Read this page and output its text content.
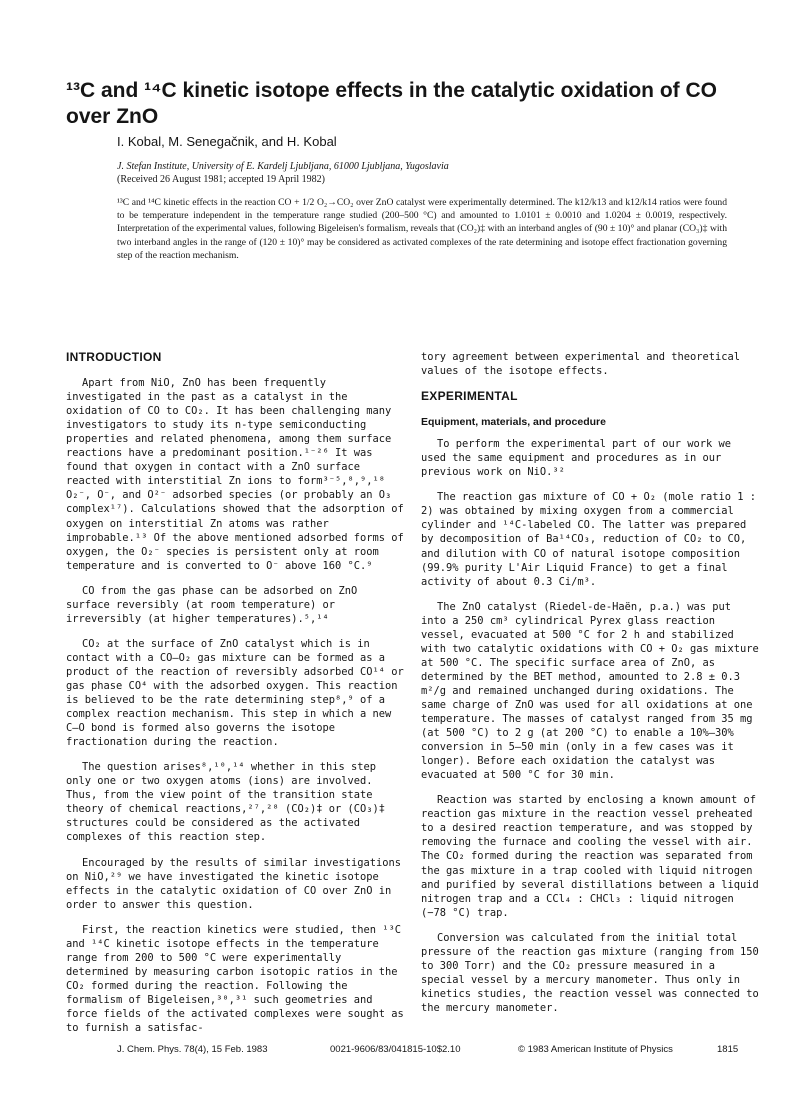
¹³C and ¹⁴C kinetic isotope effects in the catalytic oxidation of CO over ZnO

I. Kobal, M. Senegačnik, and H. Kobal

J. Stefan Institute, University of E. Kardelj Ljubljana, 61000 Ljubljana, Yugoslavia

(Received 26 August 1981; accepted 19 April 1982)

¹³C and ¹⁴C kinetic effects in the reaction CO + 1/2 O₂→CO₂ over ZnO catalyst were experimentally determined. The k12/k13 and k12/k14 ratios were found to be temperature independent in the temperature range studied (200–500 °C) and amounted to 1.0101 ± 0.0010 and 1.0204 ± 0.0019, respectively. Interpretation of the experimental values, following Bigeleisen's formalism, reveals that (CO₂)‡ with an interband angles of (90 ± 10)° and planar (CO₃)‡ with two interband angles in the range of (120 ± 10)° may be considered as activated complexes of the rate determining and isotope effect fractionation governing step of the reaction mechanism.

INTRODUCTION

Apart from NiO, ZnO has been frequently investigated in the past as a catalyst in the oxidation of CO to CO₂. It has been challenging many investigators to study its n-type semiconducting properties and related phenomena, among them surface reactions have a predominant position.¹⁻²⁶ It was found that oxygen in contact with a ZnO surface reacted with interstitial Zn ions to form³⁻⁵,⁸,⁹,¹⁸ O₂⁻, O⁻, and O²⁻ adsorbed species (or probably an O₃ complex¹⁷). Calculations showed that the adsorption of oxygen on interstitial Zn atoms was rather improbable.¹³ Of the above mentioned adsorbed forms of oxygen, the O₂⁻ species is persistent only at room temperature and is converted to O⁻ above 160 °C.⁹

CO from the gas phase can be adsorbed on ZnO surface reversibly (at room temperature) or irreversibly (at higher temperatures).⁵,¹⁴

CO₂ at the surface of ZnO catalyst which is in contact with a CO–O₂ gas mixture can be formed as a product of the reaction of reversibly adsorbed CO¹⁴ or gas phase CO⁴ with the adsorbed oxygen. This reaction is believed to be the rate determining step⁸,⁹ of a complex reaction mechanism. This step in which a new C–O bond is formed also governs the isotope fractionation during the reaction.

The question arises⁸,¹⁰,¹⁴ whether in this step only one or two oxygen atoms (ions) are involved. Thus, from the view point of the transition state theory of chemical reactions,²⁷,²⁸ (CO₂)‡ or (CO₃)‡ structures could be considered as the activated complexes of this reaction step.

Encouraged by the results of similar investigations on NiO,²⁹ we have investigated the kinetic isotope effects in the catalytic oxidation of CO over ZnO in order to answer this question.

First, the reaction kinetics were studied, then ¹³C and ¹⁴C kinetic isotope effects in the temperature range from 200 to 500 °C were experimentally determined by measuring carbon isotopic ratios in the CO₂ formed during the reaction. Following the formalism of Bigeleisen,³⁰,³¹ such geometries and force fields of the activated complexes were sought as to furnish a satisfac-

tory agreement between experimental and theoretical values of the isotope effects.

EXPERIMENTAL
Equipment, materials, and procedure

To perform the experimental part of our work we used the same equipment and procedures as in our previous work on NiO.³²

The reaction gas mixture of CO + O₂ (mole ratio 1 : 2) was obtained by mixing oxygen from a commercial cylinder and ¹⁴C-labeled CO. The latter was prepared by decomposition of Ba¹⁴CO₃, reduction of CO₂ to CO, and dilution with CO of natural isotope composition (99.9% purity L'Air Liquid France) to get a final activity of about 0.3 Ci/m³.

The ZnO catalyst (Riedel-de-Haën, p.a.) was put into a 250 cm³ cylindrical Pyrex glass reaction vessel, evacuated at 500 °C for 2 h and stabilized with two catalytic oxidations with CO + O₂ gas mixture at 500 °C. The specific surface area of ZnO, as determined by the BET method, amounted to 2.8 ± 0.3 m²/g and remained unchanged during oxidations. The same charge of ZnO was used for all oxidations at one temperature. The masses of catalyst ranged from 35 mg (at 500 °C) to 2 g (at 200 °C) to enable a 10%–30% conversion in 5–50 min (only in a few cases was it longer). Before each oxidation the catalyst was evacuated at 500 °C for 30 min.

Reaction was started by enclosing a known amount of reaction gas mixture in the reaction vessel preheated to a desired reaction temperature, and was stopped by removing the furnace and cooling the vessel with air. The CO₂ formed during the reaction was separated from the gas mixture in a trap cooled with liquid nitrogen and purified by several distillations between a liquid nitrogen trap and a CCl₄ : CHCl₃ : liquid nitrogen (−78 °C) trap.

Conversion was calculated from the initial total pressure of the reaction gas mixture (ranging from 150 to 300 Torr) and the CO₂ pressure measured in a special vessel by a mercury manometer. Thus only in kinetics studies, the reaction vessel was connected to the mercury manometer.

J. Chem. Phys. 78(4), 15 Feb. 1983	0021-9606/83/041815-10$2.10	© 1983 American Institute of Physics	1815
